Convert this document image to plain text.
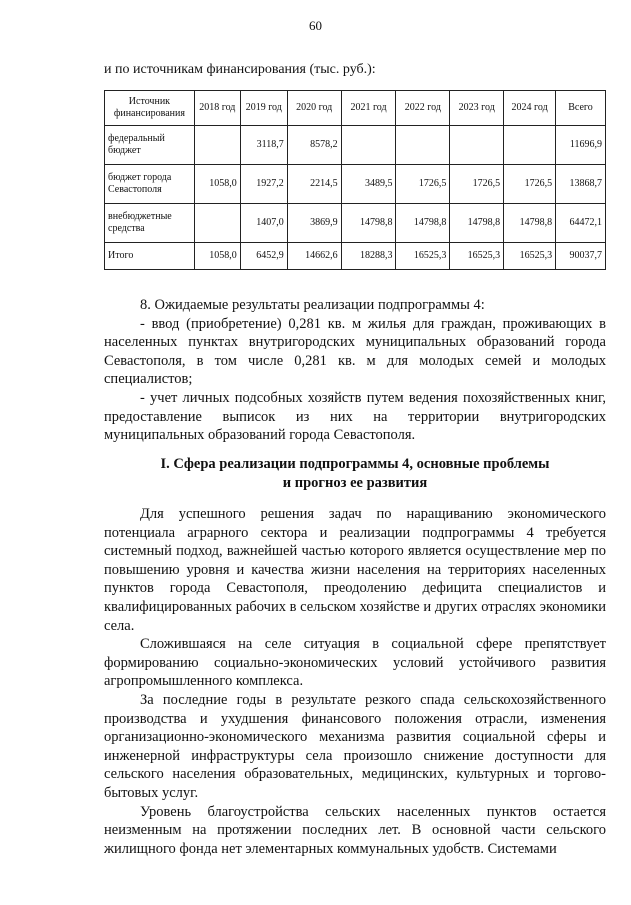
60
и по источникам финансирования (тыс. руб.):
Источник финансирования	2018 год	2019 год	2020 год	2021 год	2022 год	2023 год	2024 год	Всего
федеральный бюджет		3118,7	8578,2					11696,9
бюджет города Севастополя	1058,0	1927,2	2214,5	3489,5	1726,5	1726,5	1726,5	13868,7
внебюджетные средства		1407,0	3869,9	14798,8	14798,8	14798,8	14798,8	64472,1
Итого	1058,0	6452,9	14662,6	18288,3	16525,3	16525,3	16525,3	90037,7

8. Ожидаемые результаты реализации подпрограммы 4:

- ввод (приобретение) 0,281 кв. м жилья для граждан, проживающих в населенных пунктах внутригородских муниципальных образований города Севастополя, в том числе 0,281 кв. м для молодых семей и молодых специалистов;

- учет личных подсобных хозяйств путем ведения похозяйственных книг, предоставление выписок из них на территории внутригородских муниципальных образований города Севастополя.

I. Сфера реализации подпрограммы 4, основные проблемы
и прогноз ее развития

Для успешного решения задач по наращиванию экономического потенциала аграрного сектора и реализации подпрограммы 4 требуется системный подход, важнейшей частью которого является осуществление мер по повышению уровня и качества жизни населения на территориях населенных пунктов города Севастополя, преодолению дефицита специалистов и квалифицированных рабочих в сельском хозяйстве и других отраслях экономики села.

Сложившаяся на селе ситуация в социальной сфере препятствует формированию социально-экономических условий устойчивого развития агропромышленного комплекса.

За последние годы в результате резкого спада сельскохозяйственного производства и ухудшения финансового положения отрасли, изменения организационно-экономического механизма развития социальной сферы и инженерной инфраструктуры села произошло снижение доступности для сельского населения образовательных, медицинских, культурных и торгово-бытовых услуг.

Уровень благоустройства сельских населенных пунктов остается неизменным на протяжении последних лет. В основной части сельского жилищного фонда нет элементарных коммунальных удобств. Системами
